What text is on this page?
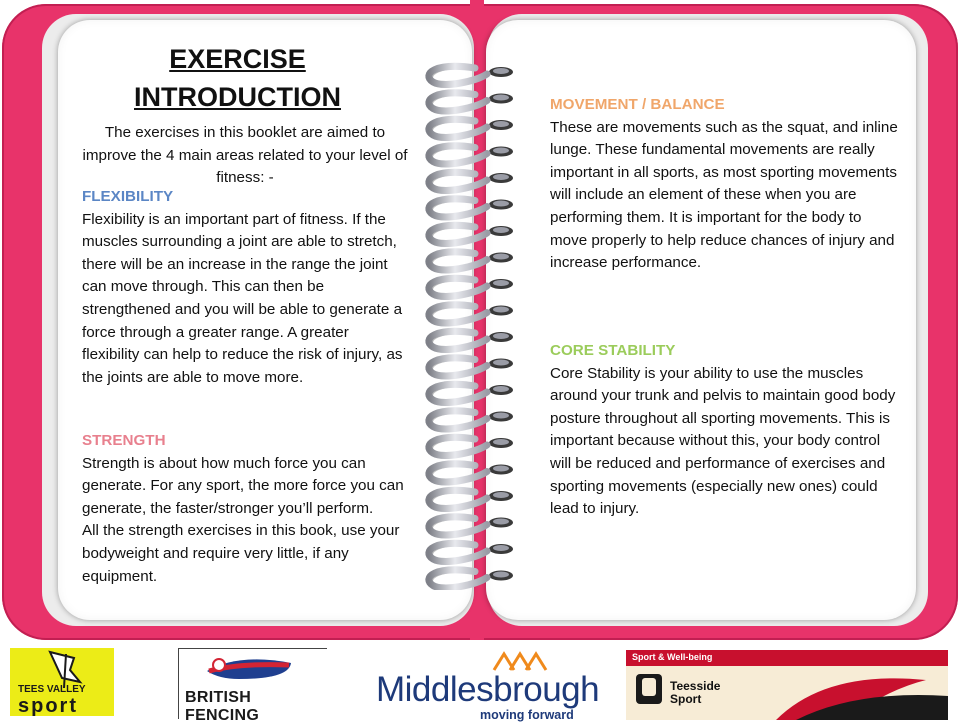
EXERCISE INTRODUCTION
The exercises in this booklet are aimed to improve the 4 main areas related to your level of fitness: -
FLEXIBILITY
Flexibility is an important part of fitness. If the muscles surrounding a joint are able to stretch, there will be an increase in the range the joint can move through. This can then be strengthened and you will be able to generate a force through a greater range. A greater flexibility can help to reduce the risk of injury, as the joints are able to move more.
STRENGTH
Strength is about how much force you can generate. For any sport, the more force you can generate, the faster/stronger you’ll perform.
All the strength exercises in this book, use your bodyweight and require very little, if any equipment.
MOVEMENT / BALANCE
These are movements such as the squat, and inline lunge. These fundamental movements are really important in all sports, as most sporting movements will include an element of these when you are performing them. It is important for the body to move properly to help reduce chances of injury and increase performance.
CORE STABILITY
Core Stability is your ability to use the muscles around your trunk and pelvis to maintain good body posture throughout all sporting movements. This is important because without this, your body control will be reduced and performance of exercises and sporting movements (especially new ones) could lead to injury.
TEES VALLEY
sport	BRITISH FENCING
Middlesbrough
moving forward
Sport & Well-being
Teesside
Sport
